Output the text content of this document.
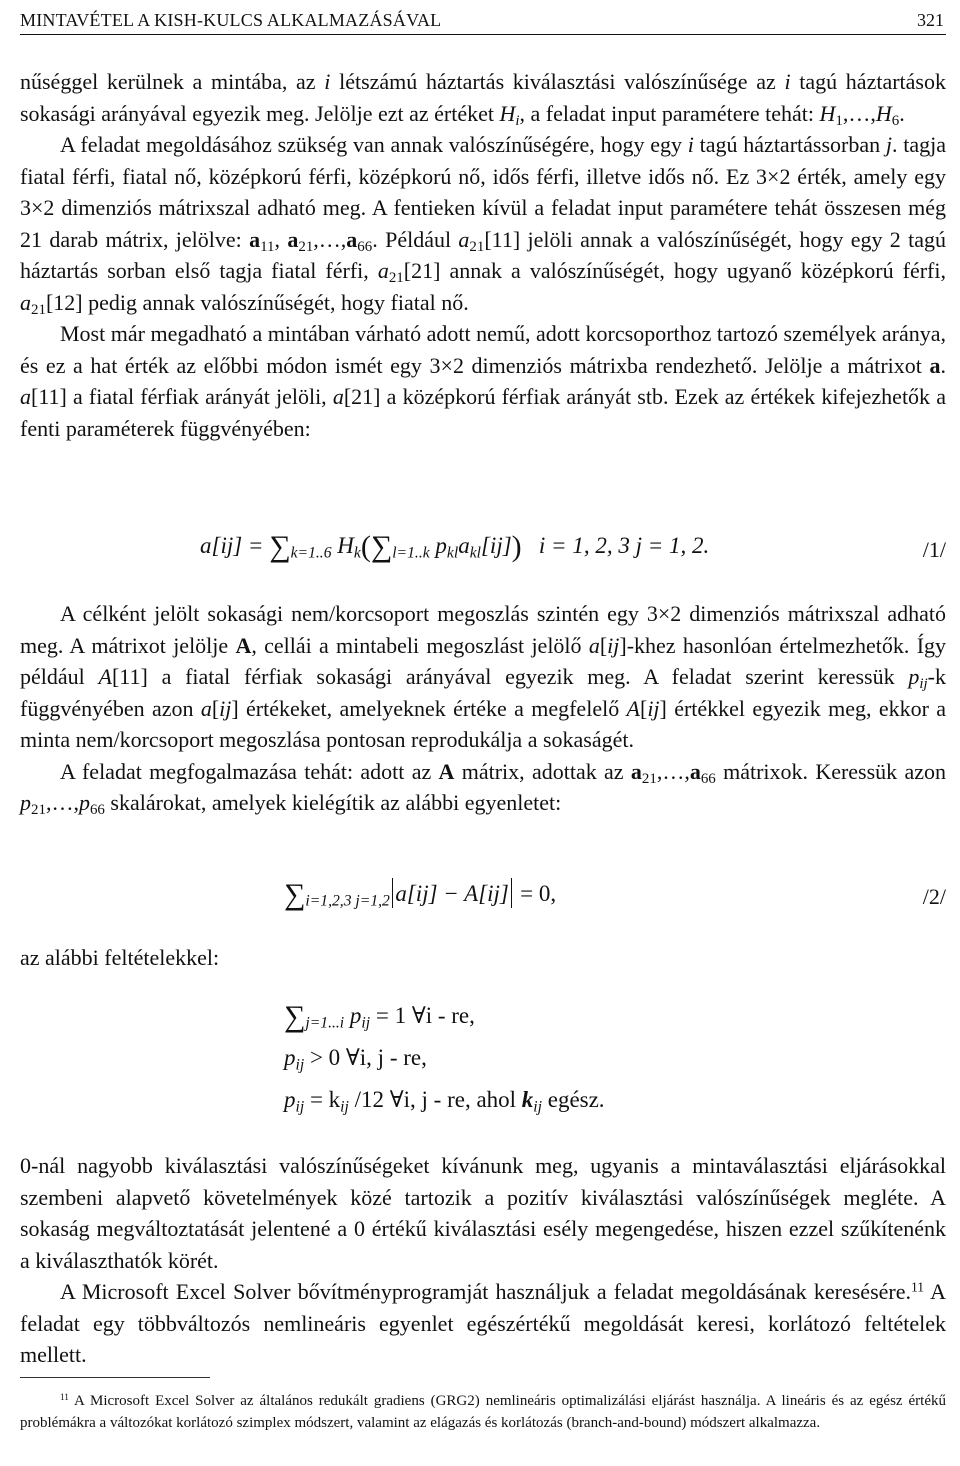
MINTAVÉTEL A KISH-KULCS ALKALMAZÁSÁVAL	321

nűséggel kerülnek a mintába, az i létszámú háztartás kiválasztási valószínűsége az i tagú háztartások sokasági arányával egyezik meg. Jelölje ezt az értéket $H_i$, a feladat input paramétere tehát: $H_1,\dots,H_6$.

A feladat megoldásához szükség van annak valószínűségére, hogy egy i tagú háztartássorban j. tagja fiatal férfi, fiatal nő, középkorú férfi, középkorú nő, idős férfi, illetve idős nő. Ez 3×2 érték, amely egy 3×2 dimenziós mátrixszal adható meg. A fentieken kívül a feladat input paramétere tehát összesen még 21 darab mátrix, jelölve: $a_{11}$, $a_{21},\dots,a_{66}$. Például $a_{21}[11]$ jelöli annak a valószínűségét, hogy egy 2 tagú háztartás sorban első tagja fiatal férfi, $a_{21}[21]$ annak a valószínűségét, hogy ugyanő középkorú férfi, $a_{21}[12]$ pedig annak valószínűségét, hogy fiatal nő.

Most már megadható a mintában várható adott nemű, adott korcsoporthoz tartozó személyek aránya, és ez a hat érték az előbbi módon ismét egy 3×2 dimenziós mátrixba rendezhető. Jelölje a mátrixot a. a[11] a fiatal férfiak arányát jelöli, a[21] a középkorú férfiak arányát stb. Ezek az értékek kifejezhetők a fenti paraméterek függvényében:

$a[ij] = \sum_{k=1..6}$ $H_k(\sum_{l=1..k}$ $p_{kl}a_{kl}[ij]$) i = 1, 2, 3 j = 1, 2.	/1/

A célként jelölt sokasági nem/korcsoport megoszlás szintén egy 3×2 dimenziós mátrixszal adható meg. A mátrixot jelölje A, cellái a mintabeli megoszlást jelölő a[ij]-khez hasonlóan értelmezhetők. Így például A[11] a fiatal férfiak sokasági arányával egyezik meg. A feladat szerint keressük $p_{ij}-k$ függvényében azon a[ij] értékeket, amelyeknek értéke a megfelelő A[ij] értékkel egyezik meg, ekkor a minta nem/korcsoport megoszlása pontosan reprodukálja a sokaságét.

A feladat megfogalmazása tehát: adott az A mátrix, adottak az $a_{21},\dots,a_{66}$ mátrixok. Keressük azon $p_{21},\dots,p_{66}$ skalárokat, amelyek kielégítik az alábbi egyenletet:

$\sum_{i=1,2,3 j=1,2}$ a[ij] − A[ij] = 0,	/2/

az alábbi feltételekkel:

$\sum_{j=1...i}$ $p_{ij} = 1$ ∀i - re,
$p_{ij} > 0$ ∀i, j - re,
$p_{ij} = k_{ij}$ /12 ∀i, j - re, ahol $k_{ij}$ egész.

0-nál nagyobb kiválasztási valószínűségeket kívánunk meg, ugyanis a mintaválasztási eljárásokkal szembeni alapvető követelmények közé tartozik a pozitív kiválasztási valószínűségek megléte. A sokaság megváltoztatását jelentené a 0 értékű kiválasztási esély megengedése, hiszen ezzel szűkítenénk a kiválaszthatók körét.

A Microsoft Excel Solver bővítményprogramját használjuk a feladat megoldásának keresésére.$^{11}$ A feladat egy többváltozós nemlineáris egyenlet egészértékű megoldását keresi, korlátozó feltételek mellett.

$^{11}$ A Microsoft Excel Solver az általános redukált gradiens (GRG2) nemlineáris optimalizálási eljárást használja. A lineáris és az egész értékű problémákra a változókat korlátozó szimplex módszert, valamint az elágazás és korlátozás (branch-and-bound) módszert alkalmazza.
